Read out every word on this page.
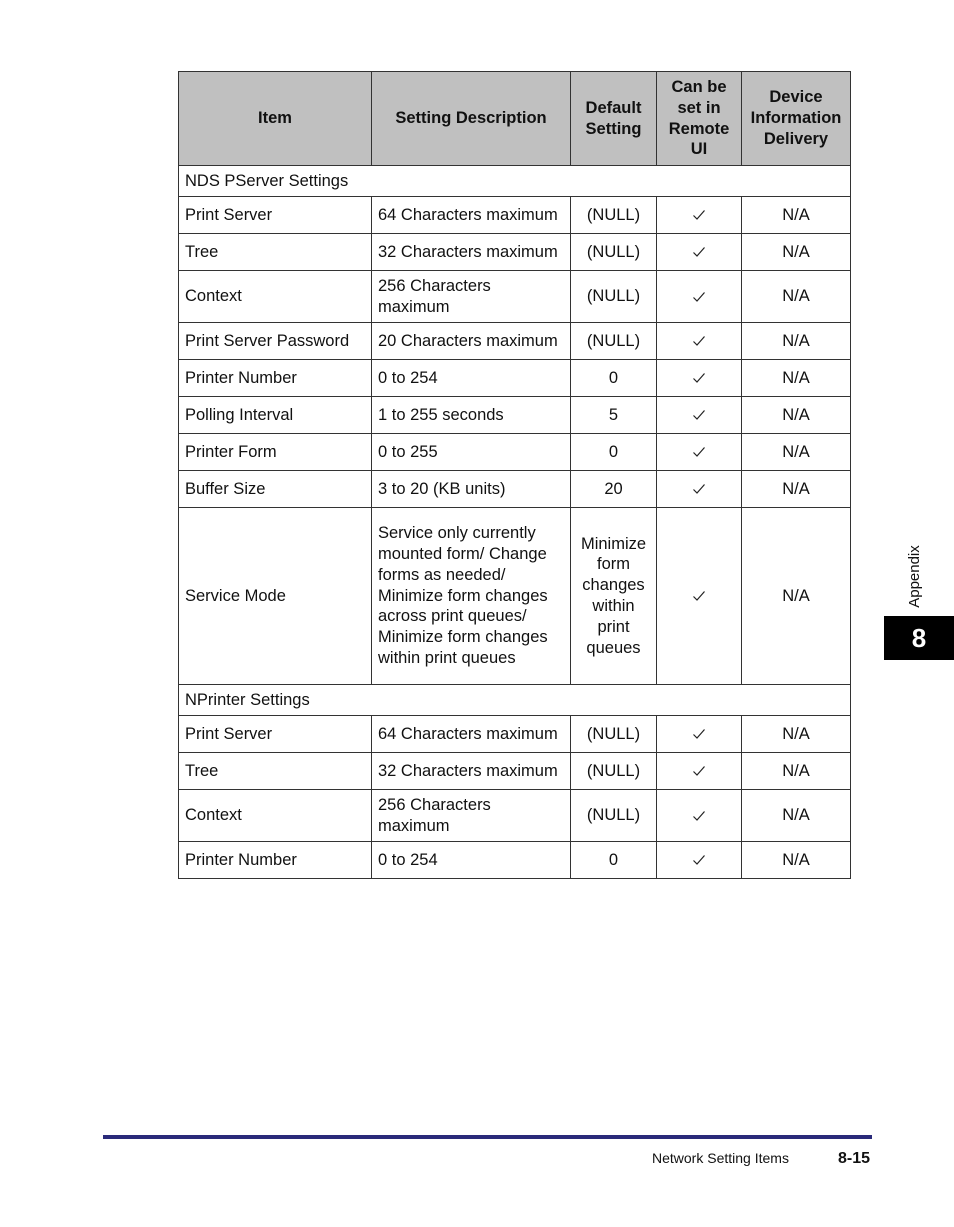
Item	Setting Description	Default Setting	Can be set in Remote UI	Device Information Delivery
NDS PServer Settings				
Print Server	64 Characters maximum	(NULL)		N/A
Tree	32 Characters maximum	(NULL)		N/A
Context	256 Characters maximum	(NULL)		N/A
Print Server Password	20 Characters maximum	(NULL)		N/A
Printer Number	0 to 254	0		N/A
Polling Interval	1 to 255 seconds	5		N/A
Printer Form	0 to 255	0		N/A
Buffer Size	3 to 20 (KB units)	20		N/A
Service Mode	Service only currently mounted form/ Change forms as needed/ Minimize form changes across print queues/ Minimize form changes within print queues	Minimize form changes within print queues		N/A
NPrinter Settings				
Print Server	64 Characters maximum	(NULL)		N/A
Tree	32 Characters maximum	(NULL)		N/A
Context	256 Characters maximum	(NULL)		N/A
Printer Number	0 to 254	0		N/A
Appendix
8
Network Setting Items	8-15
